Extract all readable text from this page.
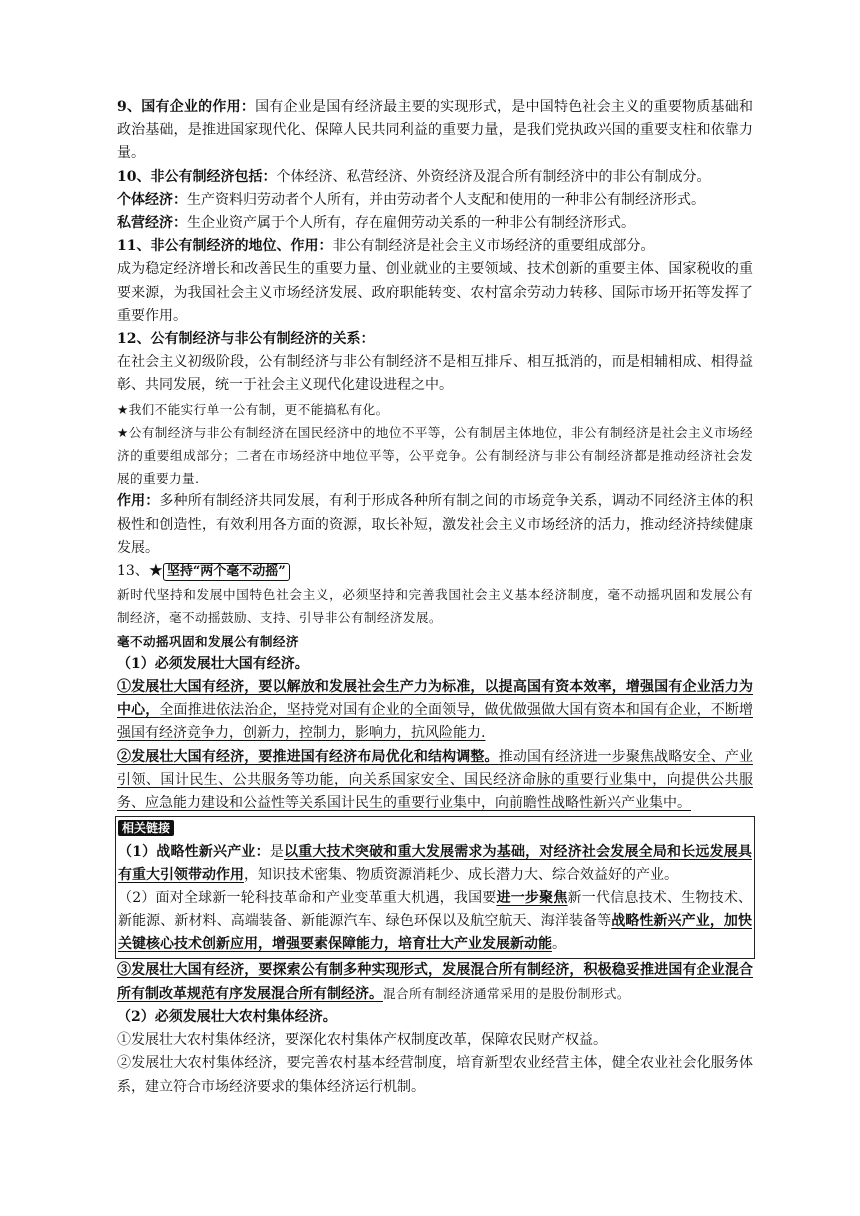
9、国有企业的作用：国有企业是国有经济最主要的实现形式，是中国特色社会主义的重要物质基础和政治基础，是推进国家现代化、保障人民共同利益的重要力量，是我们党执政兴国的重要支柱和依靠力量。

10、非公有制经济包括：个体经济、私营经济、外资经济及混合所有制经济中的非公有制成分。

个体经济：生产资料归劳动者个人所有，并由劳动者个人支配和使用的一种非公有制经济形式。

私营经济：生企业资产属于个人所有，存在雇佣劳动关系的一种非公有制经济形式。

11、非公有制经济的地位、作用：非公有制经济是社会主义市场经济的重要组成部分。

成为稳定经济增长和改善民生的重要力量、创业就业的主要领域、技术创新的重要主体、国家税收的重要来源，为我国社会主义市场经济发展、政府职能转变、农村富余劳动力转移、国际市场开拓等发挥了重要作用。

12、公有制经济与非公有制经济的关系：

在社会主义初级阶段，公有制经济与非公有制经济不是相互排斥、相互抵消的，而是相辅相成、相得益彰、共同发展，统一于社会主义现代化建设进程之中。

★我们不能实行单一公有制，更不能搞私有化。

★公有制经济与非公有制经济在国民经济中的地位不平等，公有制居主体地位，非公有制经济是社会主义市场经济的重要组成部分；二者在市场经济中地位平等，公平竞争。公有制经济与非公有制经济都是推动经济社会发展的重要力量.

作用：多种所有制经济共同发展，有利于形成各种所有制之间的市场竞争关系，调动不同经济主体的积极性和创造性，有效利用各方面的资源，取长补短，激发社会主义市场经济的活力，推动经济持续健康发展。

13、★ 坚持“两个毫不动摇”

新时代坚持和发展中国特色社会主义，必须坚持和完善我国社会主义基本经济制度，毫不动摇巩固和发展公有制经济，毫不动摇鼓励、支持、引导非公有制经济发展。

毫不动摇巩固和发展公有制经济

（1）必须发展壮大国有经济。

①发展壮大国有经济，要以解放和发展社会生产力为标准，以提高国有资本效率，增强国有企业活力为中心，全面推进依法治企，坚持党对国有企业的全面领导，做优做强做大国有资本和国有企业，不断增强国有经济竞争力，创新力，控制力，影响力，抗风险能力.

②发展壮大国有经济，要推进国有经济布局优化和结构调整。推动国有经济进一步聚焦战略安全、产业引领、国计民生、公共服务等功能，向关系国家安全、国民经济命脉的重要行业集中，向提供公共服务、应急能力建设和公益性等关系国计民生的重要行业集中，向前瞻性战略性新兴产业集中。

相关链接

（1）战略性新兴产业：是以重大技术突破和重大发展需求为基础，对经济社会发展全局和长远发展具有重大引领带动作用，知识技术密集、物质资源消耗少、成长潜力大、综合效益好的产业。

（2）面对全球新一轮科技革命和产业变革重大机遇，我国要进一步聚焦新一代信息技术、生物技术、新能源、新材料、高端装备、新能源汽车、绿色环保以及航空航天、海洋装备等战略性新兴产业，加快关键核心技术创新应用，增强要素保障能力，培育壮大产业发展新动能。

③发展壮大国有经济，要探索公有制多种实现形式，发展混合所有制经济，积极稳妥推进国有企业混合所有制改革规范有序发展混合所有制经济。混合所有制经济通常采用的是股份制形式。

（2）必须发展壮大农村集体经济。

①发展壮大农村集体经济，要深化农村集体产权制度改革，保障农民财产权益。

②发展壮大农村集体经济，要完善农村基本经营制度，培育新型农业经营主体，健全农业社会化服务体系，建立符合市场经济要求的集体经济运行机制。
